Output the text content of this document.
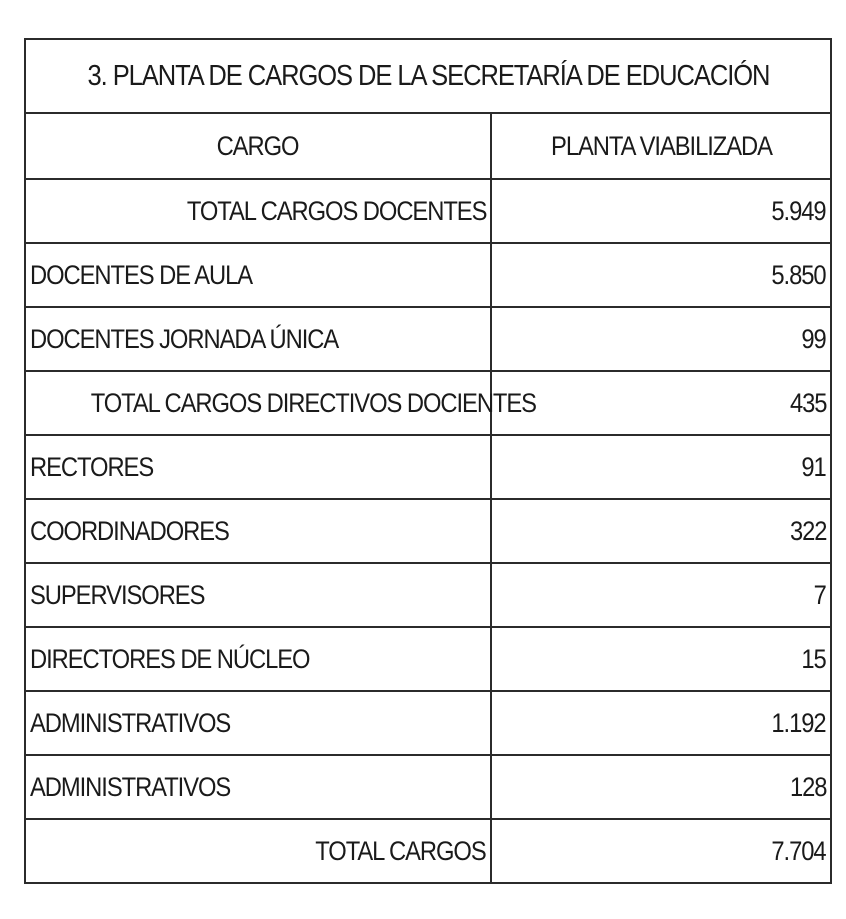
3. PLANTA DE CARGOS DE LA SECRETARÍA DE EDUCACIÓN	
CARGO	PLANTA VIABILIZADA
TOTAL CARGOS DOCENTES	5.949
DOCENTES DE AULA	5.850
DOCENTES JORNADA ÚNICA	99
TOTAL CARGOS DIRECTIVOS DOCIENTES	435
RECTORES	91
COORDINADORES	322
SUPERVISORES	7
DIRECTORES DE NÚCLEO	15
ADMINISTRATIVOS	1.192
ADMINISTRATIVOS	128
TOTAL CARGOS	7.704
